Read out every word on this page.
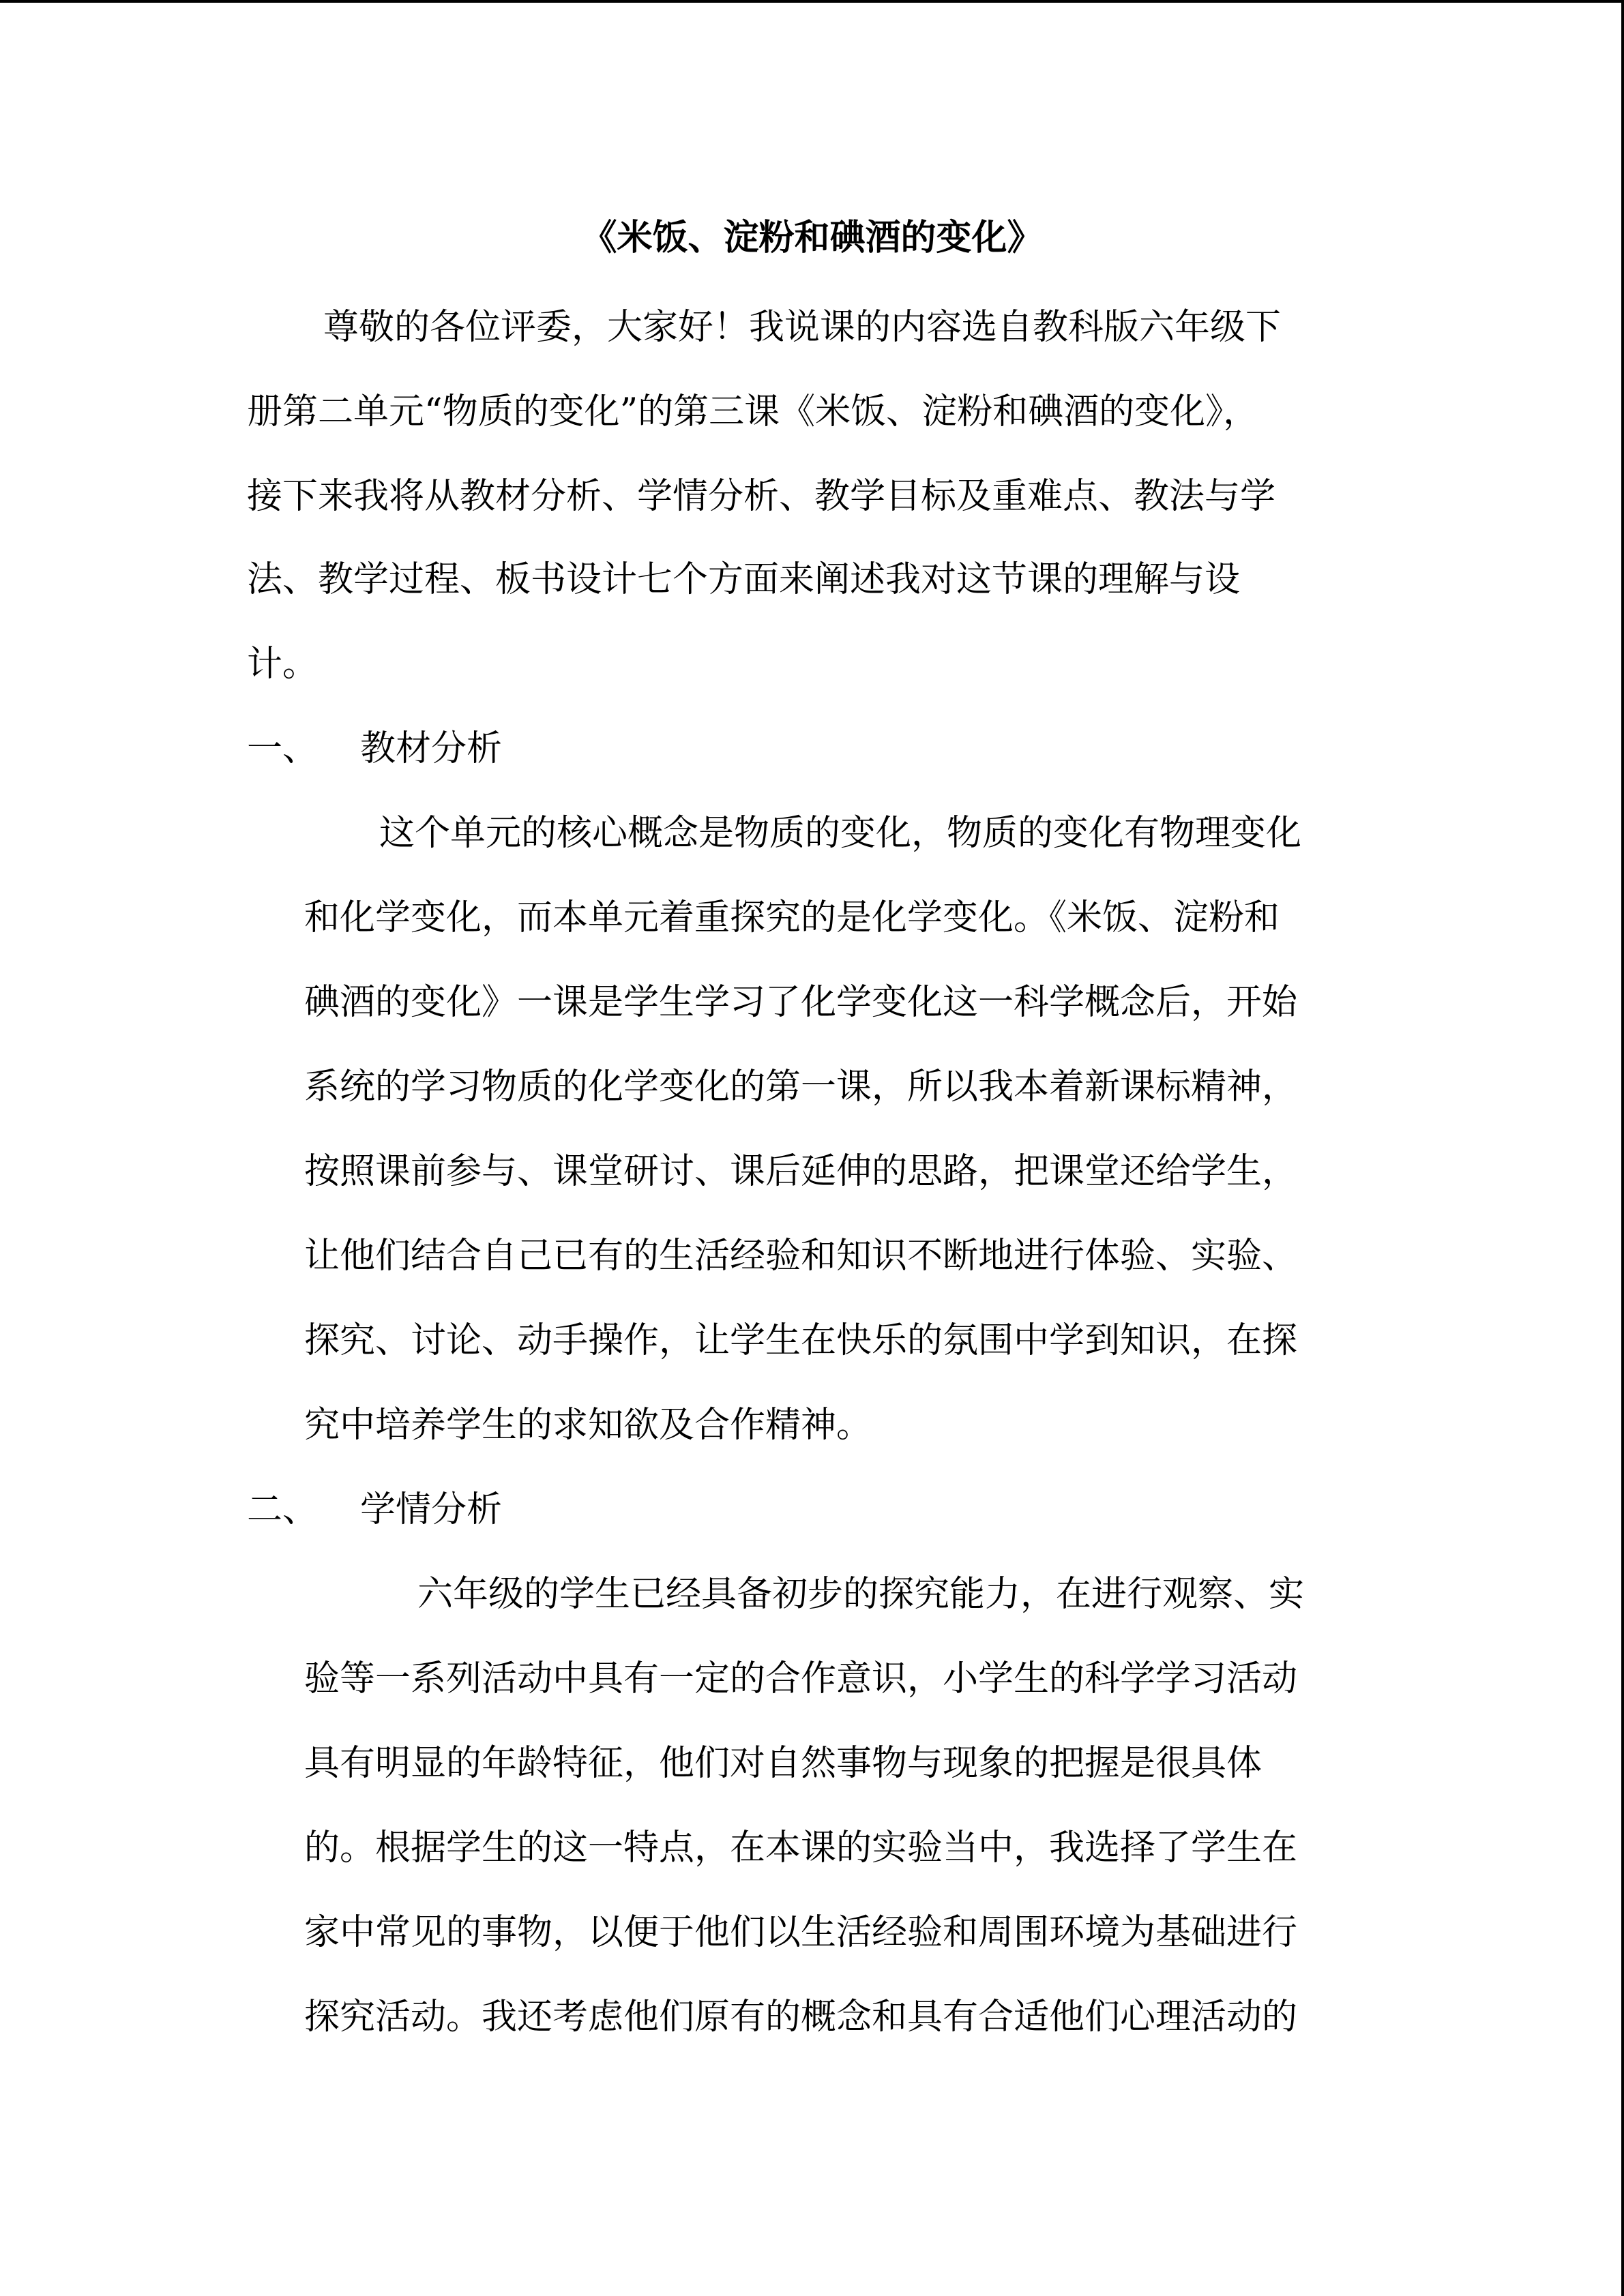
《米饭、淀粉和碘酒的变化》
尊敬的各位评委，大家好！我说课的内容选自教科版六年级下
册第二单元“物质的变化”的第三课《米饭、淀粉和碘酒的变化》，
接下来我将从教材分析、学情分析、教学目标及重难点、教法与学
法、教学过程、板书设计七个方面来阐述我对这节课的理解与设
计。
一、 教材分析
这个单元的核心概念是物质的变化，物质的变化有物理变化
和化学变化，而本单元着重探究的是化学变化。《米饭、淀粉和
碘酒的变化》一课是学生学习了化学变化这一科学概念后，开始
系统的学习物质的化学变化的第一课，所以我本着新课标精神，
按照课前参与、课堂研讨、课后延伸的思路，把课堂还给学生，
让他们结合自己已有的生活经验和知识不断地进行体验、实验、
探究、讨论、动手操作，让学生在快乐的氛围中学到知识，在探
究中培养学生的求知欲及合作精神。
二、 学情分析
六年级的学生已经具备初步的探究能力，在进行观察、实
验等一系列活动中具有一定的合作意识，小学生的科学学习活动
具有明显的年龄特征，他们对自然事物与现象的把握是很具体
的。根据学生的这一特点，在本课的实验当中，我选择了学生在
家中常见的事物，以便于他们以生活经验和周围环境为基础进行
探究活动。我还考虑他们原有的概念和具有合适他们心理活动的
